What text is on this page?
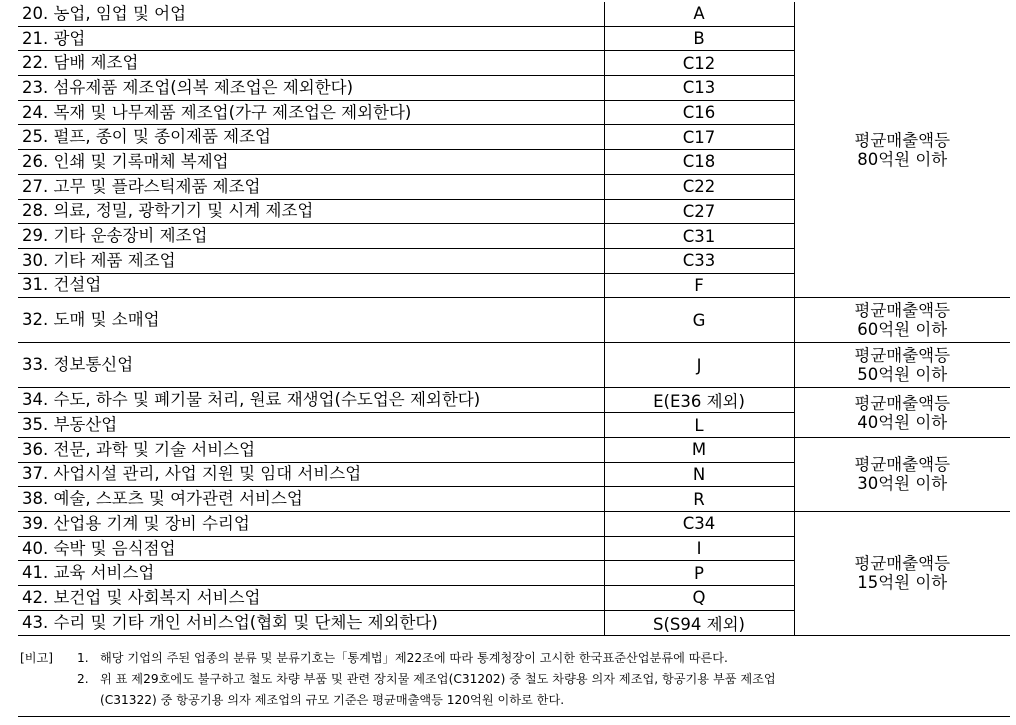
20. 농업, 임업 및 어업	A	평균매출액등
80억원 이하

21. 광업	B	
22. 담배 제조업	C12	
23. 섬유제품 제조업(의복 제조업은 제외한다)	C13	
24. 목재 및 나무제품 제조업(가구 제조업은 제외한다)	C16	
25. 펄프, 종이 및 종이제품 제조업	C17	
26. 인쇄 및 기록매체 복제업	C18	
27. 고무 및 플라스틱제품 제조업	C22	
28. 의료, 정밀, 광학기기 및 시계 제조업	C27	
29. 기타 운송장비 제조업	C31	
30. 기타 제품 제조업	C33	
31. 건설업	F	
32. 도매 및 소매업	G	평균매출액등
60억원 이하

33. 정보통신업	J	평균매출액등
50억원 이하

34. 수도, 하수 및 폐기물 처리, 원료 재생업(수도업은 제외한다)	E(E36 제외)	평균매출액등
40억원 이하

35. 부동산업	L	
36. 전문, 과학 및 기술 서비스업	M	평균매출액등
30억원 이하

37. 사업시설 관리, 사업 지원 및 임대 서비스업	N	
38. 예술, 스포츠 및 여가관련 서비스업	R	
39. 산업용 기계 및 장비 수리업	C34	평균매출액등
15억원 이하

40. 숙박 및 음식점업	I	
41. 교육 서비스업	P	
42. 보건업 및 사회복지 서비스업	Q	
43. 수리 및 기타 개인 서비스업(협회 및 단체는 제외한다)	S(S94 제외)	
[비고] 1. 해당 기업의 주된 업종의 분류 및 분류기호는「통계법」제22조에 따라 통계청장이 고시한 한국표준산업분류에 따른다.
2. 위 표 제29호에도 불구하고 철도 차량 부품 및 관련 장치물 제조업(C31202) 중 철도 차량용 의자 제조업, 항공기용 부품 제조업
(C31322) 중 항공기용 의자 제조업의 규모 기준은 평균매출액등 120억원 이하로 한다.
